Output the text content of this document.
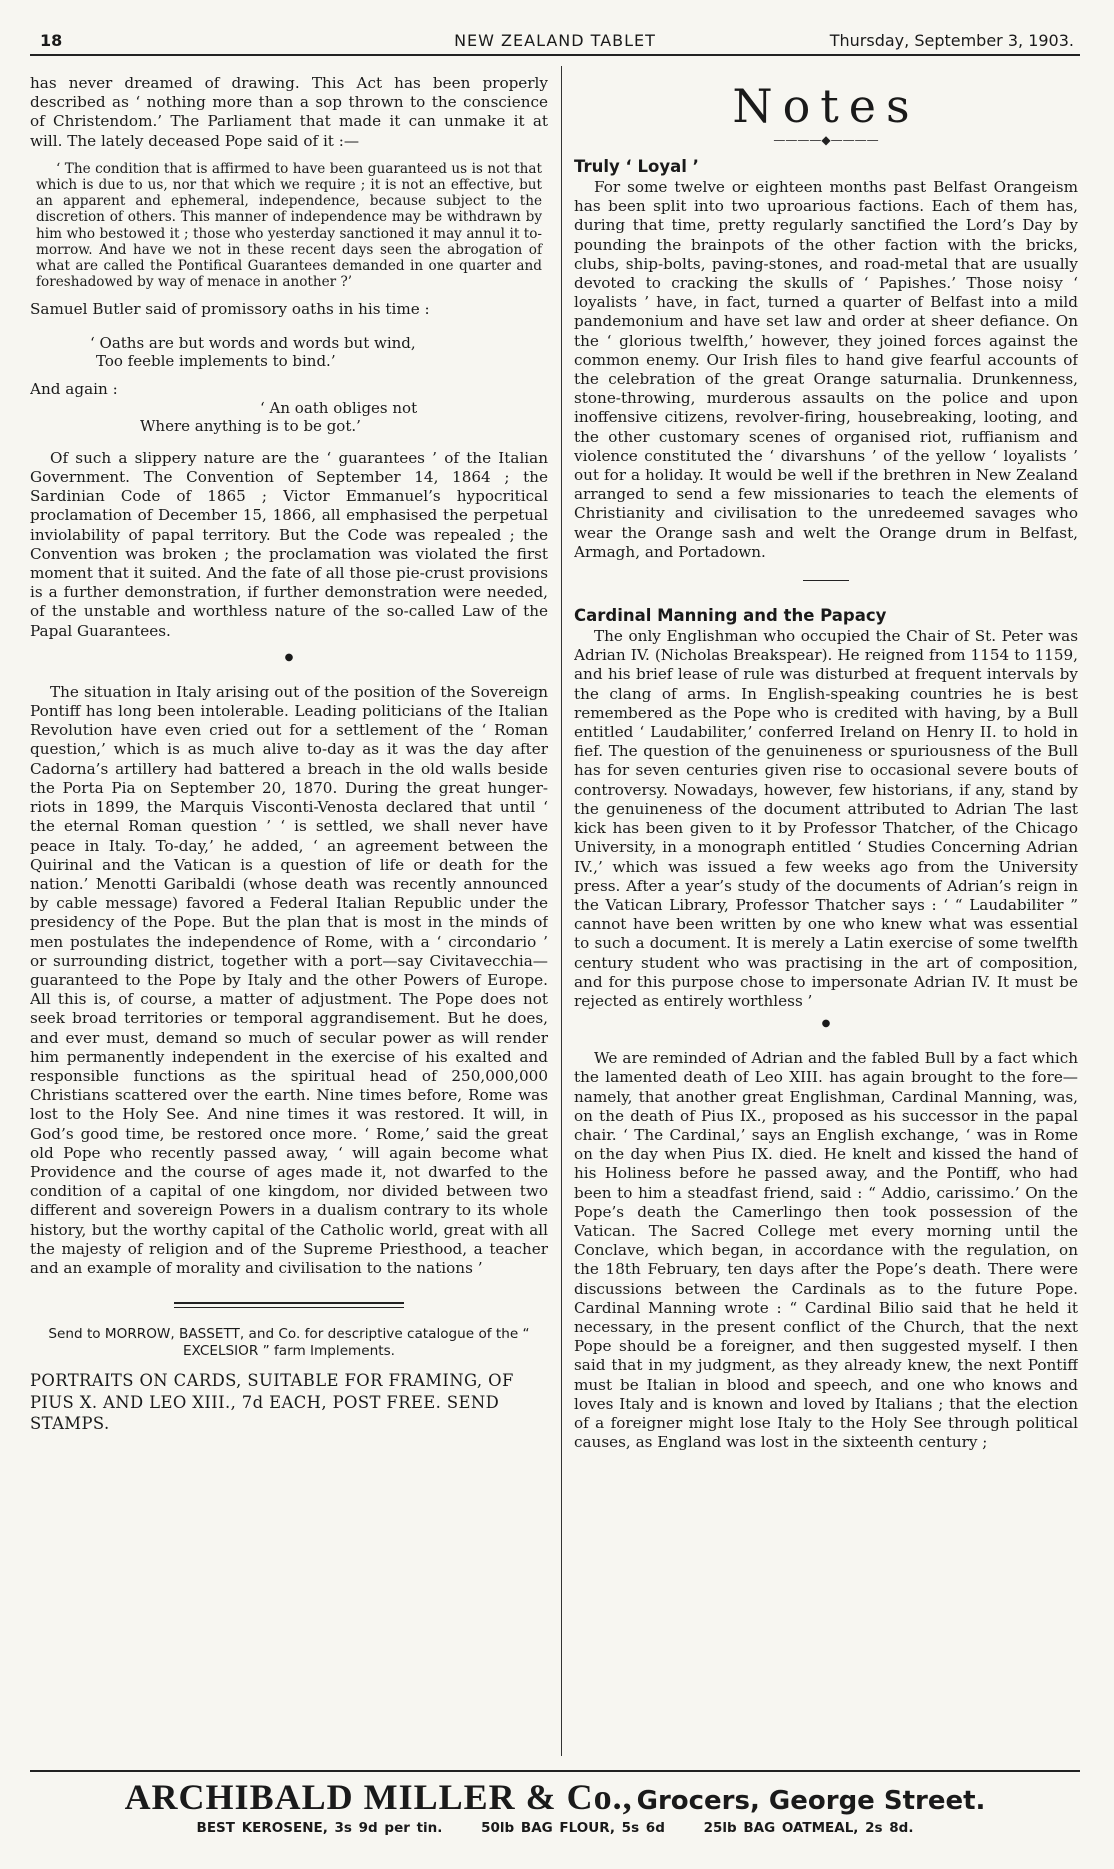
18	NEW ZEALAND TABLET	Thursday, September 3, 1903.

has never dreamed of drawing. This Act has been properly described as ‘ nothing more than a sop thrown to the conscience of Christendom.’ The Parliament that made it can unmake it at will. The lately deceased Pope said of it :—

‘ The condition that is affirmed to have been guaranteed us is not that which is due to us, nor that which we require ; it is not an effective, but an apparent and ephemeral, independence, because subject to the discretion of others. This manner of independence may be withdrawn by him who bestowed it ; those who yesterday sanctioned it may annul it to-morrow. And have we not in these recent days seen the abrogation of what are called the Pontifical Guarantees demanded in one quarter and foreshadowed by way of menace in another ?’

Samuel Butler said of promissory oaths in his time :

‘ Oaths are but words and words but wind,

Too feeble implements to bind.’

And again :

‘ An oath obliges not

Where anything is to be got.’

Of such a slippery nature are the ‘ guarantees ’ of the Italian Government. The Convention of September 14, 1864 ; the Sardinian Code of 1865 ; Victor Emmanuel’s hypocritical proclamation of December 15, 1866, all emphasised the perpetual inviolability of papal territory. But the Code was repealed ; the Convention was broken ; the proclamation was violated the first moment that it suited. And the fate of all those pie-crust provisions is a further demonstration, if further demonstration were needed, of the unstable and worthless nature of the so-called Law of the Papal Guarantees.

●

The situation in Italy arising out of the position of the Sovereign Pontiff has long been intolerable. Leading politicians of the Italian Revolution have even cried out for a settlement of the ‘ Roman question,’ which is as much alive to-day as it was the day after Cadorna’s artillery had battered a breach in the old walls beside the Porta Pia on September 20, 1870. During the great hunger-riots in 1899, the Marquis Visconti-Venosta declared that until ‘ the eternal Roman question ’ ‘ is settled, we shall never have peace in Italy. To-day,’ he added, ‘ an agreement between the Quirinal and the Vatican is a question of life or death for the nation.’ Menotti Garibaldi (whose death was recently announced by cable message) favored a Federal Italian Republic under the presidency of the Pope. But the plan that is most in the minds of men postulates the independence of Rome, with a ‘ circondario ’ or surrounding district, together with a port—say Civitavecchia—guaranteed to the Pope by Italy and the other Powers of Europe. All this is, of course, a matter of adjustment. The Pope does not seek broad territories or temporal aggrandisement. But he does, and ever must, demand so much of secular power as will render him permanently independent in the exercise of his exalted and responsible functions as the spiritual head of 250,000,000 Christians scattered over the earth. Nine times before, Rome was lost to the Holy See. And nine times it was restored. It will, in God’s good time, be restored once more. ‘ Rome,’ said the great old Pope who recently passed away, ‘ will again become what Providence and the course of ages made it, not dwarfed to the condition of a capital of one kingdom, nor divided between two different and sovereign Powers in a dualism contrary to its whole history, but the worthy capital of the Catholic world, great with all the majesty of religion and of the Supreme Priesthood, a teacher and an example of morality and civilisation to the nations ’

Send to MORROW, BASSETT, and Co. for descriptive catalogue of the “ EXCELSIOR ” farm Implements.

PORTRAITS ON CARDS, SUITABLE FOR FRAMING, OF PIUS X. AND LEO XIII., 7d EACH, POST FREE. SEND STAMPS.

Notes
————◆————
Truly ‘ Loyal ’

For some twelve or eighteen months past Belfast Orangeism has been split into two uproarious factions. Each of them has, during that time, pretty regularly sanctified the Lord’s Day by pounding the brainpots of the other faction with the bricks, clubs, ship-bolts, paving-stones, and road-metal that are usually devoted to cracking the skulls of ‘ Papishes.’ Those noisy ‘ loyalists ’ have, in fact, turned a quarter of Belfast into a mild pandemonium and have set law and order at sheer defiance. On the ‘ glorious twelfth,’ however, they joined forces against the common enemy. Our Irish files to hand give fearful accounts of the celebration of the great Orange saturnalia. Drunkenness, stone-throwing, murderous assaults on the police and upon inoffensive citizens, revolver-firing, housebreaking, looting, and the other customary scenes of organised riot, ruffianism and violence constituted the ‘ divarshuns ’ of the yellow ‘ loyalists ’ out for a holiday. It would be well if the brethren in New Zealand arranged to send a few missionaries to teach the elements of Christianity and civilisation to the unredeemed savages who wear the Orange sash and welt the Orange drum in Belfast, Armagh, and Portadown.

Cardinal Manning and the Papacy

The only Englishman who occupied the Chair of St. Peter was Adrian IV. (Nicholas Breakspear). He reigned from 1154 to 1159, and his brief lease of rule was disturbed at frequent intervals by the clang of arms. In English-speaking countries he is best remembered as the Pope who is credited with having, by a Bull entitled ‘ Laudabiliter,’ conferred Ireland on Henry II. to hold in fief. The question of the genuineness or spuriousness of the Bull has for seven centuries given rise to occasional severe bouts of controversy. Nowadays, however, few historians, if any, stand by the genuineness of the document attributed to Adrian The last kick has been given to it by Professor Thatcher, of the Chicago University, in a monograph entitled ‘ Studies Concerning Adrian IV.,’ which was issued a few weeks ago from the University press. After a year’s study of the documents of Adrian’s reign in the Vatican Library, Professor Thatcher says : ‘ “ Laudabiliter ” cannot have been written by one who knew what was essential to such a document. It is merely a Latin exercise of some twelfth century student who was practising in the art of composition, and for this purpose chose to impersonate Adrian IV. It must be rejected as entirely worthless ’

●

We are reminded of Adrian and the fabled Bull by a fact which the lamented death of Leo XIII. has again brought to the fore—namely, that another great Englishman, Cardinal Manning, was, on the death of Pius IX., proposed as his successor in the papal chair. ‘ The Cardinal,’ says an English exchange, ‘ was in Rome on the day when Pius IX. died. He knelt and kissed the hand of his Holiness before he passed away, and the Pontiff, who had been to him a steadfast friend, said : “ Addio, carissimo.’ On the Pope’s death the Camerlingo then took possession of the Vatican. The Sacred College met every morning until the Conclave, which began, in accordance with the regulation, on the 18th February, ten days after the Pope’s death. There were discussions between the Cardinals as to the future Pope. Cardinal Manning wrote : “ Cardinal Bilio said that he held it necessary, in the present conflict of the Church, that the next Pope should be a foreigner, and then suggested myself. I then said that in my judgment, as they already knew, the next Pontiff must be Italian in blood and speech, and one who knows and loves Italy and is known and loved by Italians ; that the election of a foreigner might lose Italy to the Holy See through political causes, as England was lost in the sixteenth century ;

ARCHIBALD MILLER & Co., Grocers, George Street.
BEST KEROSENE, 3s 9d per tin.	50lb BAG FLOUR, 5s 6d	25lb BAG OATMEAL, 2s 8d.
